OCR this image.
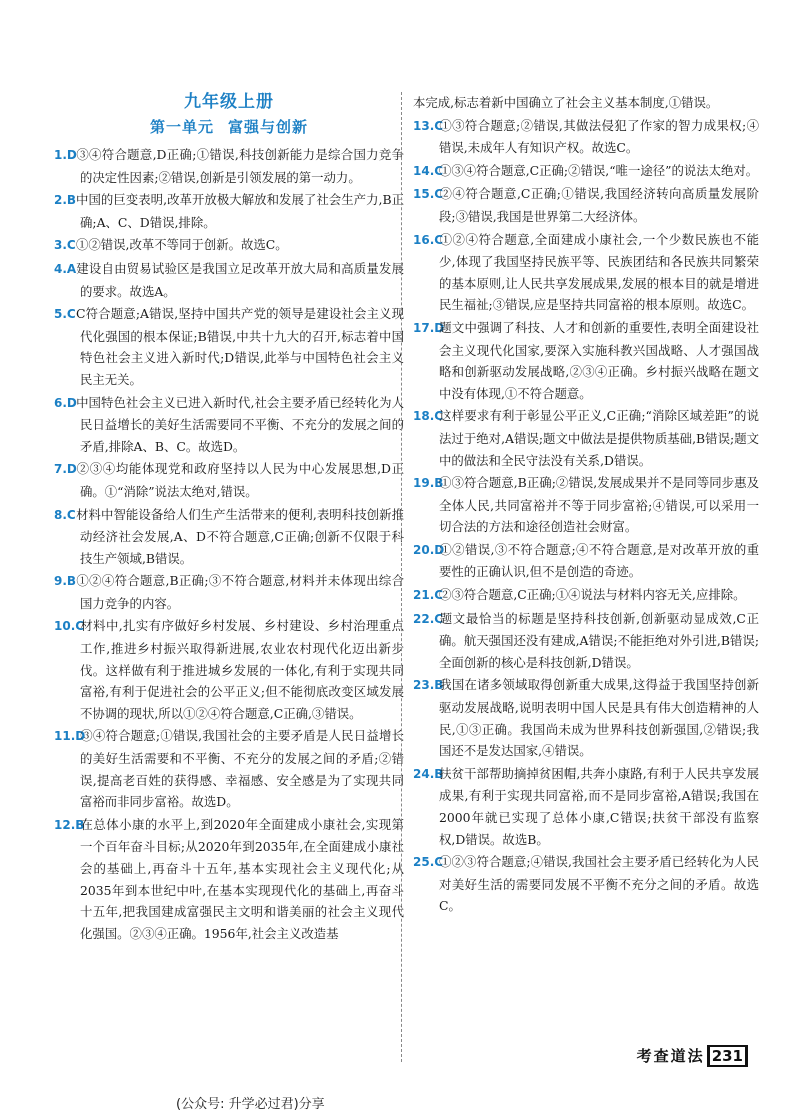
九年级上册
第一单元 富强与创新

1.D③④符合题意,D正确;①错误,科技创新能力是综合国力竞争的决定性因素;②错误,创新是引领发展的第一动力。

2.B中国的巨变表明,改革开放极大解放和发展了社会生产力,B正确;A、C、D错误,排除。

3.C①②错误,改革不等同于创新。故选C。

4.A建设自由贸易试验区是我国立足改革开放大局和高质量发展的要求。故选A。

5.CC符合题意;A错误,坚持中国共产党的领导是建设社会主义现代化强国的根本保证;B错误,中共十九大的召开,标志着中国特色社会主义进入新时代;D错误,此举与中国特色社会主义民主无关。

6.D中国特色社会主义已进入新时代,社会主要矛盾已经转化为人民日益增长的美好生活需要同不平衡、不充分的发展之间的矛盾,排除A、B、C。故选D。

7.D②③④均能体现党和政府坚持以人民为中心发展思想,D正确。①“消除”说法太绝对,错误。

8.C材料中智能设备给人们生产生活带来的便利,表明科技创新推动经济社会发展,A、D不符合题意,C正确;创新不仅限于科技生产领域,B错误。

9.B①②④符合题意,B正确;③不符合题意,材料并未体现出综合国力竞争的内容。

10.C材料中,扎实有序做好乡村发展、乡村建设、乡村治理重点工作,推进乡村振兴取得新进展,农业农村现代化迈出新步伐。这样做有利于推进城乡发展的一体化,有利于实现共同富裕,有利于促进社会的公平正义;但不能彻底改变区域发展不协调的现状,所以①②④符合题意,C正确,③错误。

11.D③④符合题意;①错误,我国社会的主要矛盾是人民日益增长的美好生活需要和不平衡、不充分的发展之间的矛盾;②错误,提高老百姓的获得感、幸福感、安全感是为了实现共同富裕而非同步富裕。故选D。

12.B在总体小康的水平上,到2020年全面建成小康社会,实现第一个百年奋斗目标;从2020年到2035年,在全面建成小康社会的基础上,再奋斗十五年,基本实现社会主义现代化;从2035年到本世纪中叶,在基本实现现代化的基础上,再奋斗十五年,把我国建成富强民主文明和谐美丽的社会主义现代化强国。②③④正确。1956年,社会主义改造基

本完成,标志着新中国确立了社会主义基本制度,①错误。

13.C①③符合题意;②错误,其做法侵犯了作家的智力成果权;④错误,未成年人有知识产权。故选C。

14.C①③④符合题意,C正确;②错误,“唯一途径”的说法太绝对。

15.C②④符合题意,C正确;①错误,我国经济转向高质量发展阶段;③错误,我国是世界第二大经济体。

16.C①②④符合题意,全面建成小康社会,一个少数民族也不能少,体现了我国坚持民族平等、民族团结和各民族共同繁荣的基本原则,让人民共享发展成果,发展的根本目的就是增进民生福祉;③错误,应是坚持共同富裕的根本原则。故选C。

17.D题文中强调了科技、人才和创新的重要性,表明全面建设社会主义现代化国家,要深入实施科教兴国战略、人才强国战略和创新驱动发展战略,②③④正确。乡村振兴战略在题文中没有体现,①不符合题意。

18.C这样要求有利于彰显公平正义,C正确;“消除区域差距”的说法过于绝对,A错误;题文中做法是提供物质基础,B错误;题文中的做法和全民守法没有关系,D错误。

19.B①③符合题意,B正确;②错误,发展成果并不是同等同步惠及全体人民,共同富裕并不等于同步富裕;④错误,可以采用一切合法的方法和途径创造社会财富。

20.D①②错误,③不符合题意;④不符合题意,是对改革开放的重要性的正确认识,但不是创造的奇迹。

21.C②③符合题意,C正确;①④说法与材料内容无关,应排除。

22.C题文最恰当的标题是坚持科技创新,创新驱动显成效,C正确。航天强国还没有建成,A错误;不能拒绝对外引进,B错误;全面创新的核心是科技创新,D错误。

23.B我国在诸多领域取得创新重大成果,这得益于我国坚持创新驱动发展战略,说明表明中国人民是具有伟大创造精神的人民,①③正确。我国尚未成为世界科技创新强国,②错误;我国还不是发达国家,④错误。

24.B扶贫干部帮助摘掉贫困帽,共奔小康路,有利于人民共享发展成果,有利于实现共同富裕,而不是同步富裕,A错误;我国在2000年就已实现了总体小康,C错误;扶贫干部没有监察权,D错误。故选B。

25.C①②③符合题意;④错误,我国社会主要矛盾已经转化为人民对美好生活的需要同发展不平衡不充分之间的矛盾。故选C。

考查道法 231
(公众号: 升学必过君)分享
